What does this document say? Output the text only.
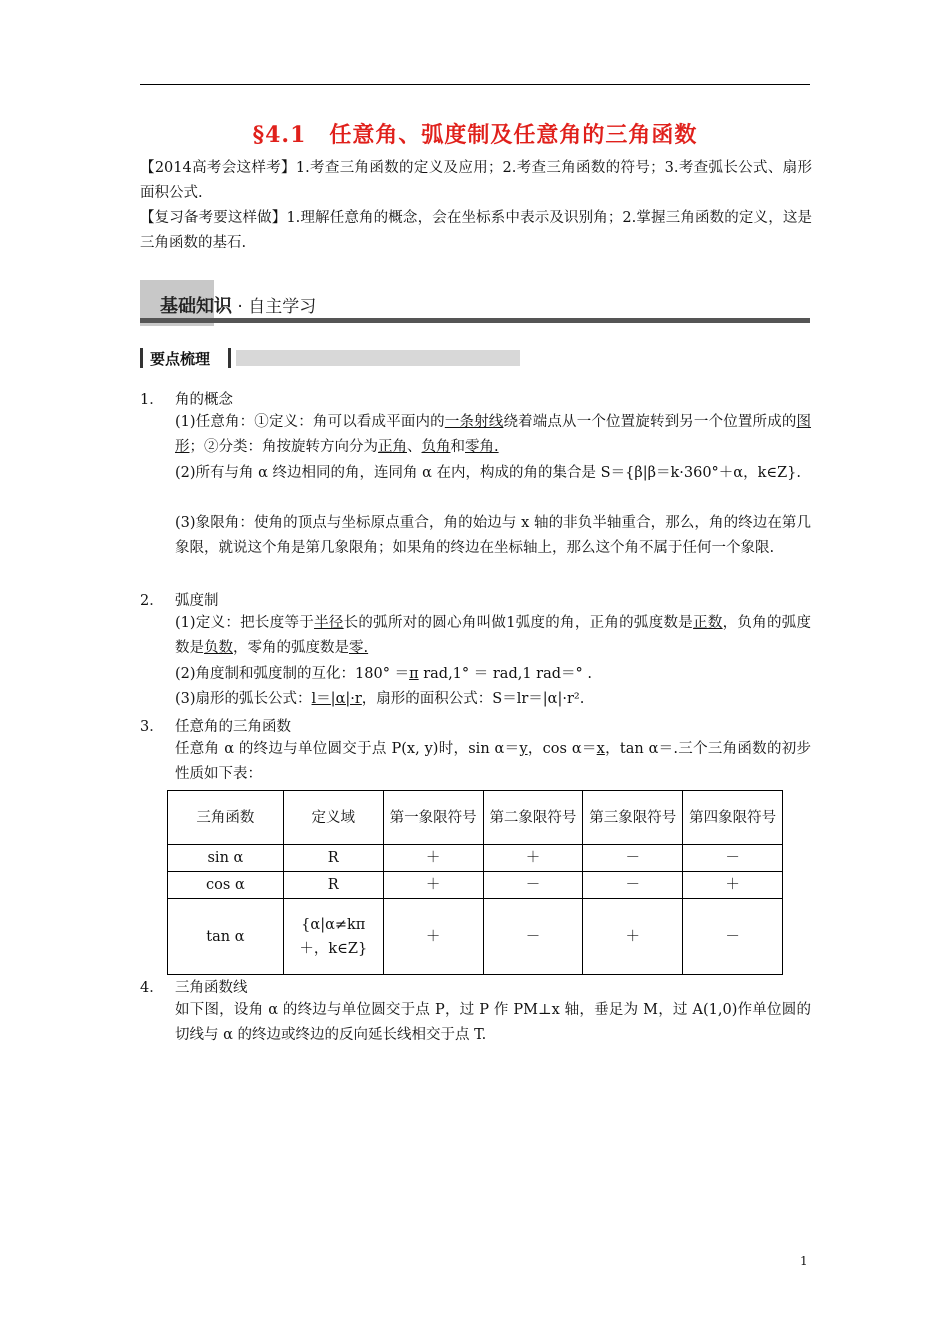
§4.1　任意角、弧度制及任意角的三角函数
【2014高考会这样考】1.考查三角函数的定义及应用；2.考查三角函数的符号；3.考查弧长公式、扇形面积公式.
【复习备考要这样做】1.理解任意角的概念，会在坐标系中表示及识别角；2.掌握三角函数的定义，这是三角函数的基石.
基础知识 · 自主学习
要点梳理
1． 角的概念
(1)任意角：①定义：角可以看成平面内的一条射线绕着端点从一个位置旋转到另一个位置所成的图形；②分类：角按旋转方向分为正角、负角和零角.
(2)所有与角 α 终边相同的角，连同角 α 在内，构成的角的集合是 S＝{β|β＝k·360°＋α，k∈Z}.
(3)象限角：使角的顶点与坐标原点重合，角的始边与 x 轴的非负半轴重合，那么，角的终边在第几象限，就说这个角是第几象限角；如果角的终边在坐标轴上，那么这个角不属于任何一个象限.
2． 弧度制
(1)定义：把长度等于半径长的弧所对的圆心角叫做1弧度的角，正角的弧度数是正数，负角的弧度数是负数，零角的弧度数是零.
(2)角度制和弧度制的互化：180° ＝π rad,1° ＝ rad,1 rad＝° .
(3)扇形的弧长公式：l＝|α|·r，扇形的面积公式：S＝lr＝|α|·r².
3． 任意角的三角函数
任意角 α 的终边与单位圆交于点 P(x, y)时，sin α＝y，cos α＝x，tan α＝.三个三角函数的初步性质如下表：
三角函数	定义域	第一象限符号	第二象限符号	第三象限符号	第四象限符号
sin α	R	＋	＋	－	－
cos α	R	＋	－	－	＋
tan α	{α|α≠kπ＋，k∈Z}	＋	－	＋	－
4． 三角函数线
如下图，设角 α 的终边与单位圆交于点 P，过 P 作 PM⊥x 轴，垂足为 M，过 A(1,0)作单位圆的切线与 α 的终边或终边的反向延长线相交于点 T.
1
